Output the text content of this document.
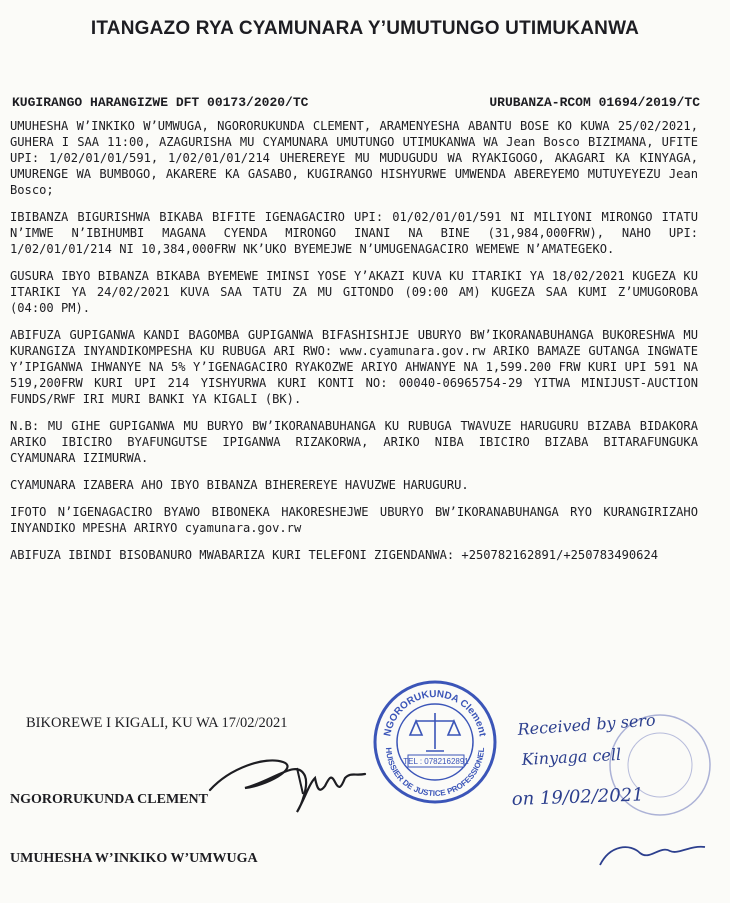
ITANGAZO RYA CYAMUNARA Y’UMUTUNGO UTIMUKANWA
KUGIRANGO HARANGIZWE DFT 00173/2020/TC	URUBANZA-RCOM 01694/2019/TC

UMUHESHA W’INKIKO W’UMWUGA, NGORORUKUNDA CLEMENT, ARAMENYESHA ABANTU BOSE KO KUWA 25/02/2021, GUHERA I SAA 11:00, AZAGURISHA MU CYAMUNARA UMUTUNGO UTIMUKANWA WA Jean Bosco BIZIMANA, UFITE UPI: 1/02/01/01/591, 1/02/01/01/214 UHEREREYE MU MUDUGUDU WA RYAKIGOGO, AKAGARI KA KINYAGA, UMURENGE WA BUMBOGO, AKARERE KA GASABO, KUGIRANGO HISHYURWE UMWENDA ABEREYEMO MUTUYEYEZU Jean Bosco;

IBIBANZA BIGURISHWA BIKABA BIFITE IGENAGACIRO UPI: 01/02/01/01/591 NI MILIYONI MIRONGO ITATU N’IMWE N’IBIHUMBI MAGANA CYENDA MIRONGO INANI NA BINE (31,984,000FRW), NAHO UPI: 1/02/01/01/214 NI 10,384,000FRW NK’UKO BYEMEJWE N’UMUGENAGACIRO WEMEWE N’AMATEGEKO.

GUSURA IBYO BIBANZA BIKABA BYEMEWE IMINSI YOSE Y’AKAZI KUVA KU ITARIKI YA 18/02/2021 KUGEZA KU ITARIKI YA 24/02/2021 KUVA SAA TATU ZA MU GITONDO (09:00 AM) KUGEZA SAA KUMI Z’UMUGOROBA (04:00 PM).

ABIFUZA GUPIGANWA KANDI BAGOMBA GUPIGANWA BIFASHISHIJE UBURYO BW’IKORANABUHANGA BUKORESHWA MU KURANGIZA INYANDIKOMPESHA KU RUBUGA ARI RWO: www.cyamunara.gov.rw ARIKO BAMAZE GUTANGA INGWATE Y’IPIGANWA IHWANYE NA 5% Y’IGENAGACIRO RYAKOZWE ARIYO AHWANYE NA 1,599.200 FRW KURI UPI 591 NA 519,200FRW KURI UPI 214 YISHYURWA KURI KONTI NO: 00040-06965754-29 YITWA MINIJUST-AUCTION FUNDS/RWF IRI MURI BANKI YA KIGALI (BK).

N.B: MU GIHE GUPIGANWA MU BURYO BW’IKORANABUHANGA KU RUBUGA TWAVUZE HARUGURU BIZABA BIDAKORA ARIKO IBICIRO BYAFUNGUTSE IPIGANWA RIZAKORWA, ARIKO NIBA IBICIRO BIZABA BITARAFUNGUKA CYAMUNARA IZIMURWA.

CYAMUNARA IZABERA AHO IBYO BIBANZA BIHEREREYE HAVUZWE HARUGURU.

IFOTO N’IGENAGACIRO BYAWO BIBONEKA HAKORESHEJWE UBURYO BW’IKORANABUHANGA RYO KURANGIRIZAHO INYANDIKO MPESHA ARIRYO cyamunara.gov.rw

ABIFUZA IBINDI BISOBANURO MWABARIZA KURI TELEFONI ZIGENDANWA: +250782162891/+250783490624

BIKOREWE I KIGALI, KU WA 17/02/2021
NGORORUKUNDA CLEMENT
UMUHESHA W’INKIKO W’UMWUGA
NGORORUKUNDA Clement
HUISSIER DE JUSTICE PROFESSIONEL
TEL : 0782162891
Received by sero
Kinyaga cell
on 19/02/2021
